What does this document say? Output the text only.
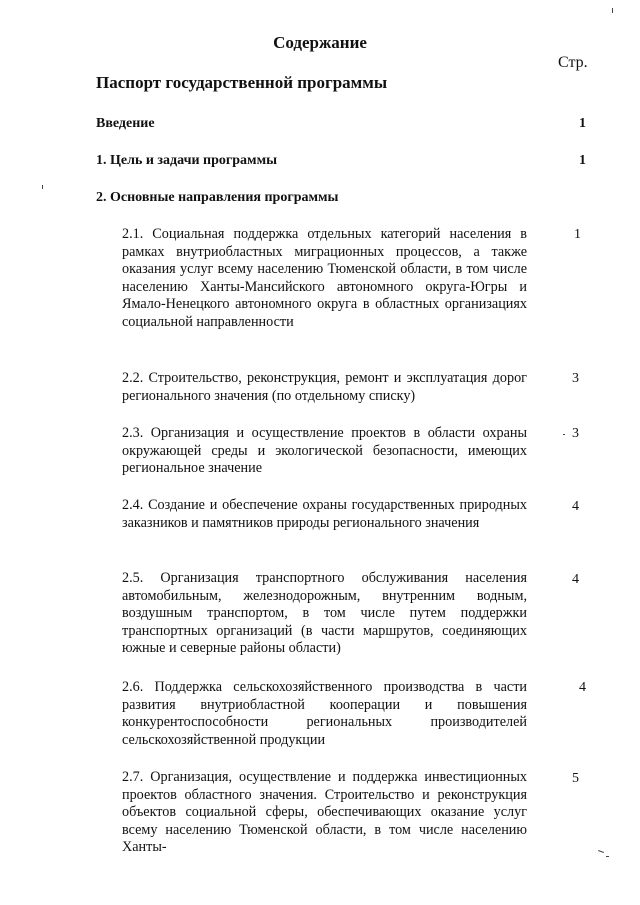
Содержание
Стр.
Паспорт государственной программы
Введение	1
1. Цель и задачи программы	1
2. Основные направления программы
2.1. Социальная поддержка отдельных категорий населения в рамках внутриобластных миграционных процессов, а также оказания услуг всему населению Тюменской области, в том числе населению Ханты-Мансийского автономного округа-Югры и Ямало-Ненецкого автономного округа в областных организациях социальной направленности
1
2.2. Строительство, реконструкция, ремонт и эксплуатация дорог регионального значения (по отдельному списку)
3
2.3. Организация и осуществление проектов в области охраны окружающей среды и экологической безопасности, имеющих региональное значение
3
2.4. Создание и обеспечение охраны государственных природных заказников и памятников природы регионального значения
4
2.5. Организация транспортного обслуживания населения автомобильным, железнодорожным, внутренним водным, воздушным транспортом, в том числе путем поддержки транспортных организаций (в части маршрутов, соединяющих южные и северные районы области)
4
2.6. Поддержка сельскохозяйственного производства в части развития внутриобластной кооперации и повышения конкурентоспособности региональных производителей сельскохозяйственной продукции
4
2.7. Организация, осуществление и поддержка инвестиционных проектов областного значения. Строительство и реконструкция объектов социальной сферы, обеспечивающих оказание услуг всему населению Тюменской области, в том числе населению Ханты-
5
